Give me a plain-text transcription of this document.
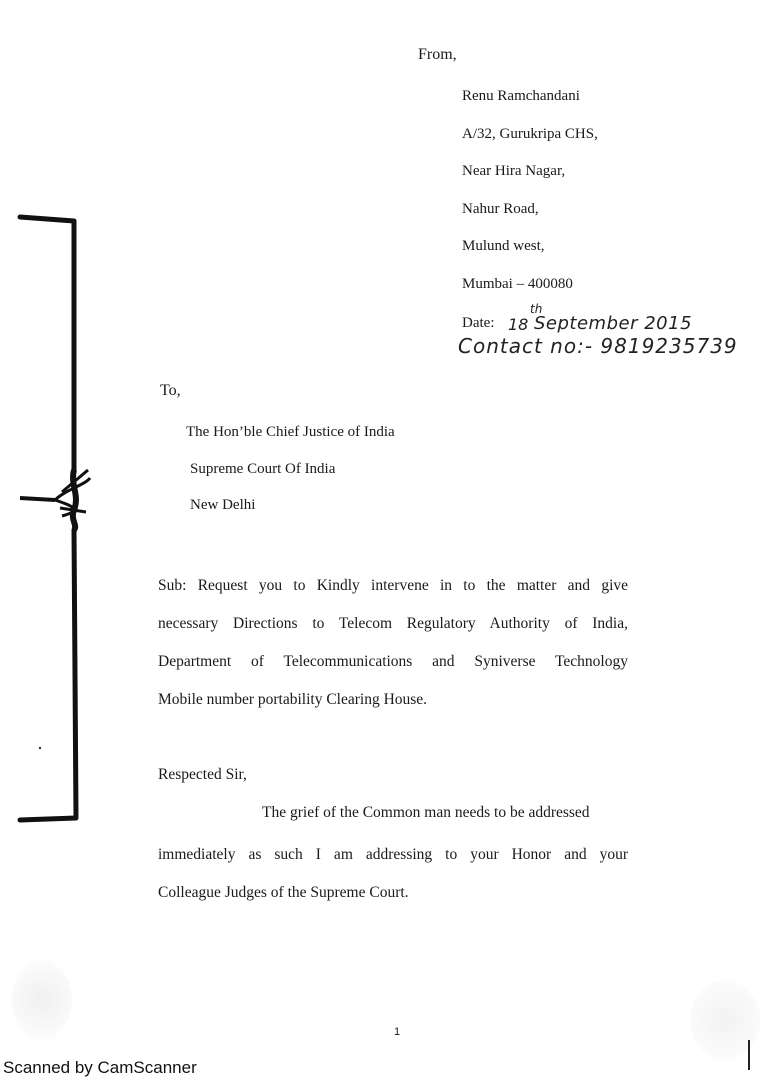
From,
Renu Ramchandani
A/32, Gurukripa CHS,
Near Hira Nagar,
Nahur Road,
Mulund west,
Mumbai – 400080
Date: 18
th
September 2015
Contact no:- 9819235739
To,
The Hon’ble Chief Justice of India
Supreme Court Of India
New Delhi
Sub: Request you to Kindly intervene in to the matter and give
necessary Directions to Telecom Regulatory Authority of India,
Department of Telecommunications and Syniverse Technology
Mobile number portability Clearing House.
Respected Sir,
The grief of the Common man needs to be addressed
immediately as such I am addressing to your Honor and your
Colleague Judges of the Supreme Court.
1
Scanned by CamScanner
